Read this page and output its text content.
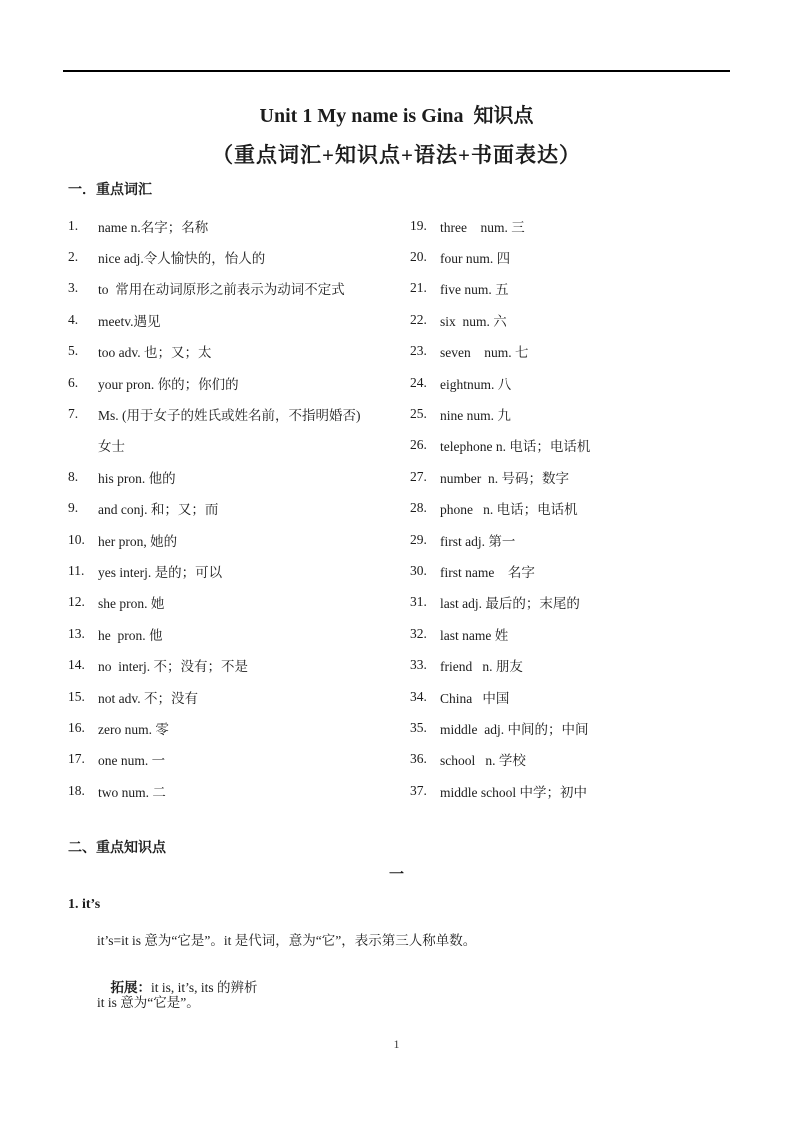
Unit 1 My name is Gina  知识点
（重点词汇+知识点+语法+书面表达）
一．重点词汇
1.	name n.名字；名称
2.	nice adj.令人愉快的，怡人的
3.	to  常用在动词原形之前表示为动词不定式
4.	meetv.遇见
5.	too adv. 也；又；太
6.	your pron. 你的；你们的
7.	Ms. (用于女子的姓氏或姓名前，不指明婚否)
女士
8.	his pron. 他的
9.	and conj. 和；又；而
10. her pron, 她的
11.	yes interj. 是的；可以
12. she pron. 她
13. he  pron. 他
14. no  interj. 不；没有；不是
15. not adv. 不；没有
16. zero num. 零
17. one num. 一
18. two num. 二
19. three    num. 三
20. four num. 四
21. five num. 五
22. six  num. 六
23. seven    num. 七
24. eightnum. 八
25. nine num. 九
26. telephone n. 电话；电话机
27. number  n. 号码；数字
28. phone   n. 电话；电话机
29. first adj. 第一
30. first name    名字
31. last adj. 最后的；末尾的
32. last name 姓
33. friend   n. 朋友
34. China   中国
35. middle  adj. 中间的；中间
36. school   n. 学校
37. middle school 中学；初中
二、重点知识点
一
1. it’s
it’s=it is 意为“它是”。it 是代词，意为“它”，表示第三人称单数。

拓展：it is, it’s, its 的辨析

it is 意为“它是”。
1
